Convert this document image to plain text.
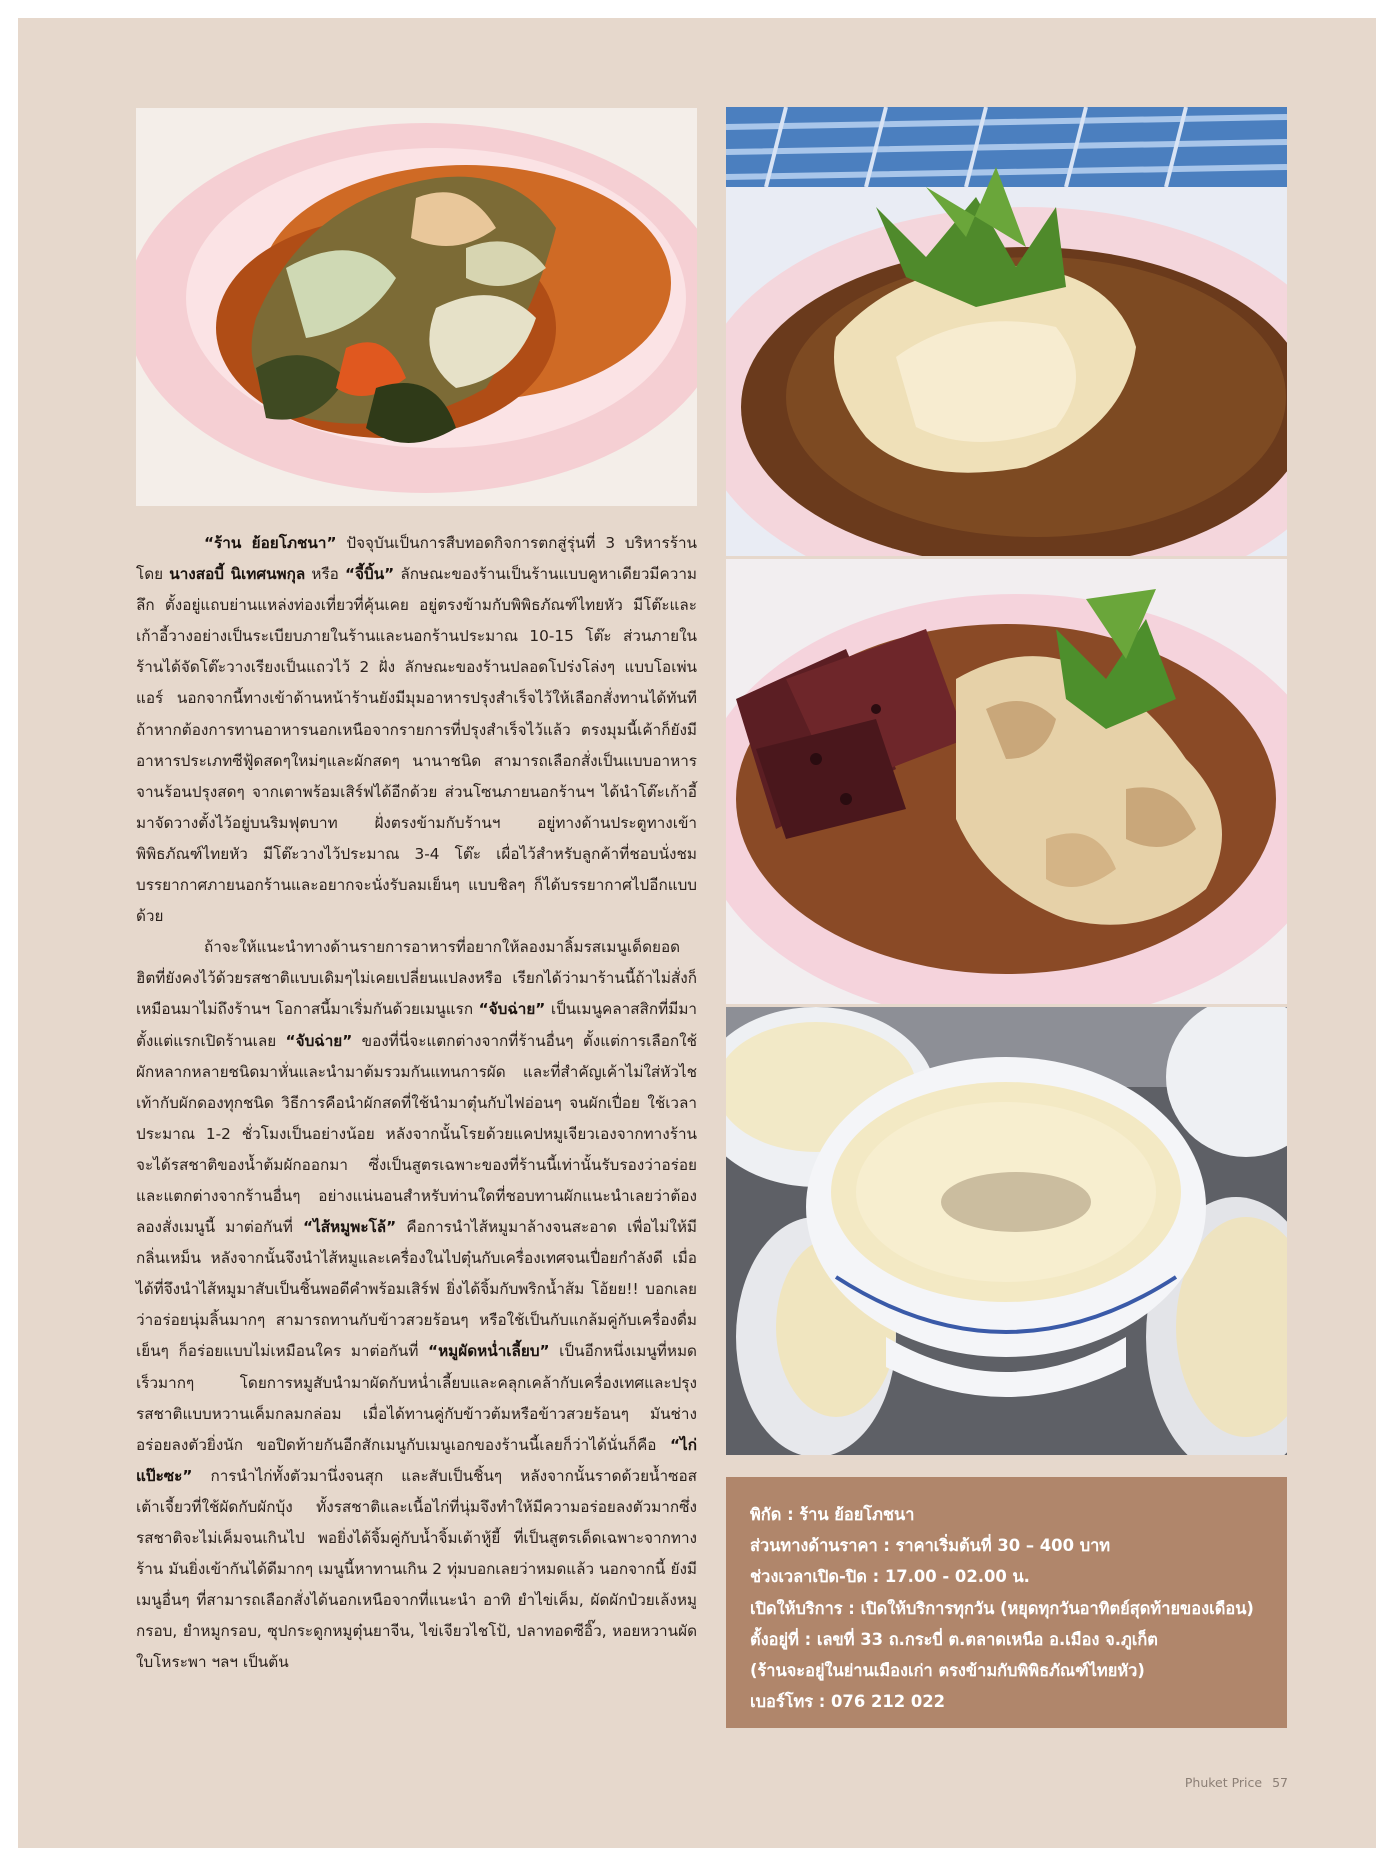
“ร้าน ย้อยโภชนา” ปัจจุบันเป็นการสืบทอดกิจการตกสู่รุ่นที่ 3 บริหารร้านโดย นางสอบี้ นิเทศนพกุล หรือ “จี้บิ้น” ลักษณะของร้านเป็นร้านแบบคูหาเดียวมีความลึก ตั้งอยู่แถบย่านแหล่งท่องเที่ยวที่คุ้นเคย อยู่ตรงข้ามกับพิพิธภัณฑ์ไทยหัว มีโต๊ะและเก้าอี้วางอย่างเป็นระเบียบภายในร้านและนอกร้านประมาณ 10-15 โต๊ะ ส่วนภายในร้านได้จัดโต๊ะวางเรียงเป็นแถวไว้ 2 ฝั่ง ลักษณะของร้านปลอดโปร่งโล่งๆ แบบโอเพ่นแอร์ นอกจากนี้ทางเข้าด้านหน้าร้านยังมีมุมอาหารปรุงสำเร็จไว้ให้เลือกสั่งทานได้ทันที ถ้าหากต้องการทานอาหารนอกเหนือจากรายการที่ปรุงสำเร็จไว้แล้ว ตรงมุมนี้เค้าก็ยังมีอาหารประเภทซีฟู้ดสดๆใหม่ๆและผักสดๆ นานาชนิด สามารถเลือกสั่งเป็นแบบอาหารจานร้อนปรุงสดๆ จากเตาพร้อมเสิร์ฟได้อีกด้วย ส่วนโซนภายนอกร้านฯ ได้นำโต๊ะเก้าอี้มาจัดวางตั้งไว้อยู่บนริมฟุตบาท ฝั่งตรงข้ามกับร้านฯ อยู่ทางด้านประตูทางเข้าพิพิธภัณฑ์ไทยหัว มีโต๊ะวางไว้ประมาณ 3-4 โต๊ะ เผื่อไว้สำหรับลูกค้าที่ชอบนั่งชมบรรยากาศภายนอกร้านและอยากจะนั่งรับลมเย็นๆ แบบชิลๆ ก็ได้บรรยากาศไปอีกแบบด้วย

ถ้าจะให้แนะนำทางด้านรายการอาหารที่อยากให้ลองมาลิ้มรสเมนูเด็ดยอดฮิตที่ยังคงไว้ด้วยรสชาติแบบเดิมๆไม่เคยเปลี่ยนแปลงหรือ เรียกได้ว่ามาร้านนี้ถ้าไม่สั่งก็เหมือนมาไม่ถึงร้านฯ โอกาสนี้มาเริ่มกันด้วยเมนูแรก “จับฉ่าย” เป็นเมนูคลาสสิกที่มีมาตั้งแต่แรกเปิดร้านเลย “จับฉ่าย” ของที่นี่จะแตกต่างจากที่ร้านอื่นๆ ตั้งแต่การเลือกใช้ผักหลากหลายชนิดมาหั่นและนำมาต้มรวมกันแทนการผัด และที่สำคัญเค้าไม่ใส่หัวไชเท้ากับผักดองทุกชนิด วิธีการคือนำผักสดที่ใช้นำมาตุ๋นกับไฟอ่อนๆ จนผักเปื่อย ใช้เวลาประมาณ 1-2 ชั่วโมงเป็นอย่างน้อย หลังจากนั้นโรยด้วยแคปหมูเจียวเองจากทางร้าน จะได้รสชาติของน้ำต้มผักออกมา ซึ่งเป็นสูตรเฉพาะของที่ร้านนี้เท่านั้นรับรองว่าอร่อยและแตกต่างจากร้านอื่นๆ อย่างแน่นอนสำหรับท่านใดที่ชอบทานผักแนะนำเลยว่าต้องลองสั่งเมนูนี้ มาต่อกันที่ “ไส้หมูพะโล้” คือการนำไส้หมูมาล้างจนสะอาด เพื่อไม่ให้มีกลิ่นเหม็น หลังจากนั้นจึงนำไส้หมูและเครื่องในไปตุ๋นกับเครื่องเทศจนเปื่อยกำลังดี เมื่อได้ที่จึงนำไส้หมูมาสับเป็นชิ้นพอดีคำพร้อมเสิร์ฟ ยิ่งได้จิ้มกับพริกน้ำส้ม โอ้ยย!! บอกเลยว่าอร่อยนุ่มลิ้นมากๆ สามารถทานกับข้าวสวยร้อนๆ หรือใช้เป็นกับแกล้มคู่กับเครื่องดื่มเย็นๆ ก็อร่อยแบบไม่เหมือนใคร มาต่อกันที่ “หมูผัดหน่ำเลี้ยบ” เป็นอีกหนึ่งเมนูที่หมดเร็วมากๆ โดยการหมูสับนำมาผัดกับหน่ำเลี้ยบและคลุกเคล้ากับเครื่องเทศและปรุงรสชาติแบบหวานเค็มกลมกล่อม เมื่อได้ทานคู่กับข้าวต้มหรือข้าวสวยร้อนๆ มันช่างอร่อยลงตัวยิ่งนัก ขอปิดท้ายกันอีกสักเมนูกับเมนูเอกของร้านนี้เลยก็ว่าได้นั่นก็คือ “ไก่แป๊ะซะ” การนำไก่ทั้งตัวมานึ่งจนสุก และสับเป็นชิ้นๆ หลังจากนั้นราดด้วยน้ำซอสเต้าเจี้ยวที่ใช้ผัดกับผักบุ้ง ทั้งรสชาติและเนื้อไก่ที่นุ่มจึงทำให้มีความอร่อยลงตัวมากซึ่งรสชาติจะไม่เค็มจนเกินไป พอยิ่งได้จิ้มคู่กับน้ำจิ้มเต้าหู้ยี้ ที่เป็นสูตรเด็ดเฉพาะจากทางร้าน มันยิ่งเข้ากันได้ดีมากๆ เมนูนี้หาทานเกิน 2 ทุ่มบอกเลยว่าหมดแล้ว นอกจากนี้ ยังมีเมนูอื่นๆ ที่สามารถเลือกสั่งได้นอกเหนือจากที่แนะนำ อาทิ ยำไข่เค็ม, ผัดผักป๋วยเล้งหมูกรอบ, ยำหมูกรอบ, ซุปกระดูกหมูตุ๋นยาจีน, ไข่เจียวไชโป้, ปลาทอดซีอิ๊ว, หอยหวานผัดใบโหระพา ฯลฯ เป็นต้น

พิกัด : ร้าน ย้อยโภชนา
ส่วนทางด้านราคา : ราคาเริ่มต้นที่ 30 – 400 บาท
ช่วงเวลาเปิด-ปิด : 17.00 - 02.00 น.
เปิดให้บริการ : เปิดให้บริการทุกวัน (หยุดทุกวันอาทิตย์สุดท้ายของเดือน)
ตั้งอยู่ที่ : เลขที่ 33 ถ.กระบี่ ต.ตลาดเหนือ อ.เมือง จ.ภูเก็ต
(ร้านจะอยู่ในย่านเมืองเก่า ตรงข้ามกับพิพิธภัณฑ์ไทยหัว)
เบอร์โทร : 076 212 022
Phuket Price 57
